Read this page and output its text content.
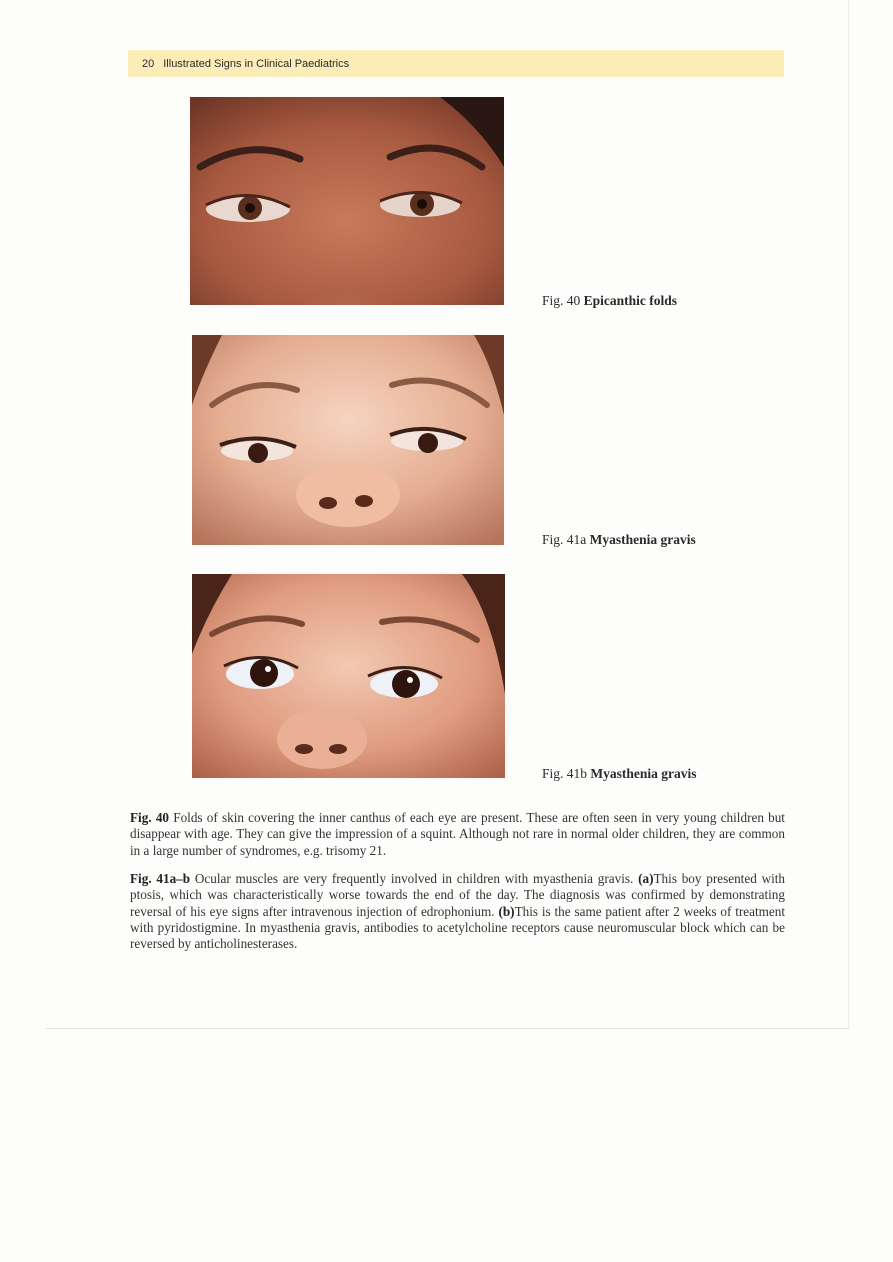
20 Illustrated Signs in Clinical Paediatrics
Fig. 40 Epicanthic folds
Fig. 41a Myasthenia gravis
Fig. 41b Myasthenia gravis
Fig. 40 Folds of skin covering the inner canthus of each eye are present. These are often seen in very young children but disappear with age. They can give the impression of a squint. Although not rare in normal older children, they are common in a large number of syndromes, e.g. trisomy 21.
Fig. 41a–b Ocular muscles are very frequently involved in children with myasthenia gravis. (a)This boy presented with ptosis, which was characteristically worse towards the end of the day. The diagnosis was confirmed by demonstrating reversal of his eye signs after intravenous injection of edrophonium. (b)This is the same patient after 2 weeks of treatment with pyridostigmine. In myasthenia gravis, antibodies to acetylcholine receptors cause neuromuscular block which can be reversed by anticholinesterases.
